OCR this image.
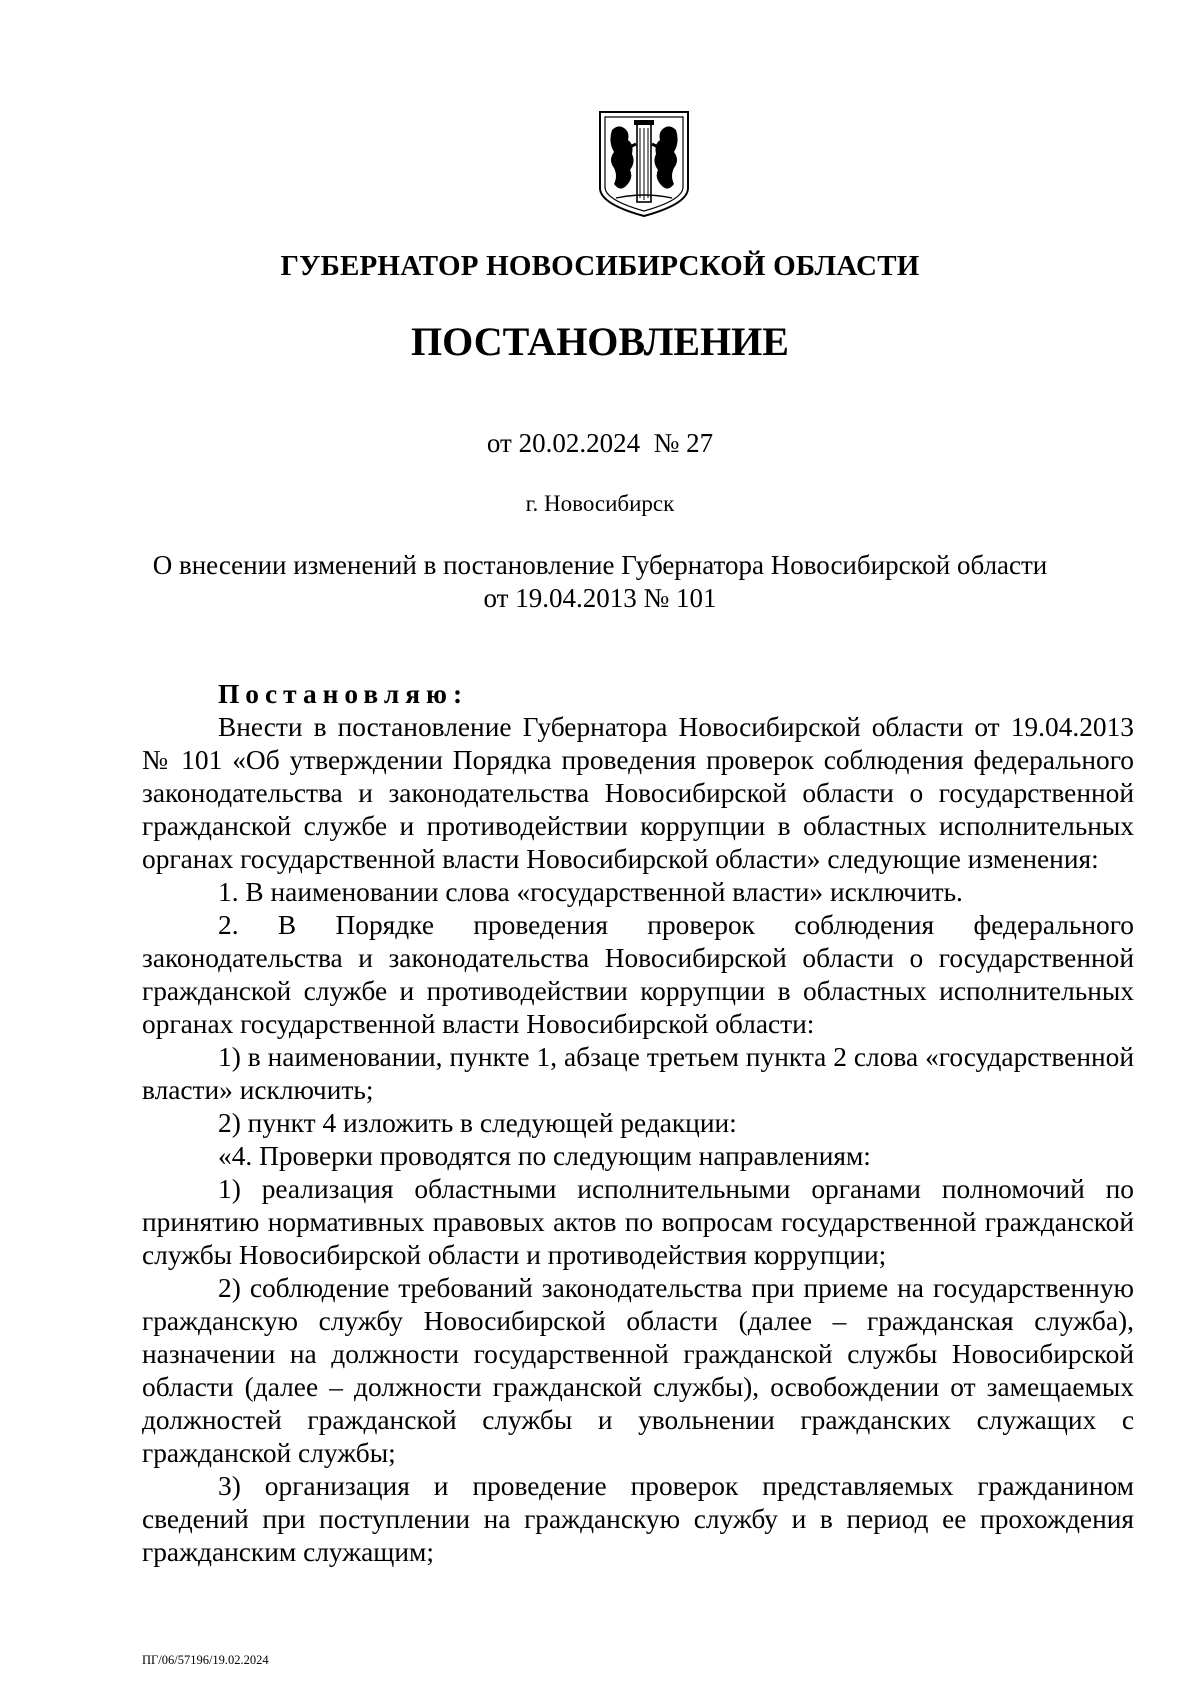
ГУБЕРНАТОР НОВОСИБИРСКОЙ ОБЛАСТИ
ПОСТАНОВЛЕНИЕ
от 20.02.2024  № 27
г. Новосибирск
О внесении изменений в постановление Губернатора Новосибирской области
от 19.04.2013 № 101

Постановляю:

Внести в постановление Губернатора Новосибирской области от 19.04.2013 № 101 «Об утверждении Порядка проведения проверок соблюдения федерального законодательства и законодательства Новосибирской области о государственной гражданской службе и противодействии коррупции в областных исполнительных органах государственной власти Новосибирской области» следующие изменения:

1. В наименовании слова «государственной власти» исключить.

2. В Порядке проведения проверок соблюдения федерального законодательства и законодательства Новосибирской области о государственной гражданской службе и противодействии коррупции в областных исполнительных органах государственной власти Новосибирской области:

1) в наименовании, пункте 1, абзаце третьем пункта 2 слова «государственной власти» исключить;

2) пункт 4 изложить в следующей редакции:

«4. Проверки проводятся по следующим направлениям:

1) реализация областными исполнительными органами полномочий по принятию нормативных правовых актов по вопросам государственной гражданской службы Новосибирской области и противодействия коррупции;

2) соблюдение требований законодательства при приеме на государственную гражданскую службу Новосибирской области (далее – гражданская служба), назначении на должности государственной гражданской службы Новосибирской области (далее – должности гражданской службы), освобождении от замещаемых должностей гражданской службы и увольнении гражданских служащих с гражданской службы;

3) организация и проведение проверок представляемых гражданином сведений при поступлении на гражданскую службу и в период ее прохождения гражданским служащим;

ПГ/06/57196/19.02.2024
